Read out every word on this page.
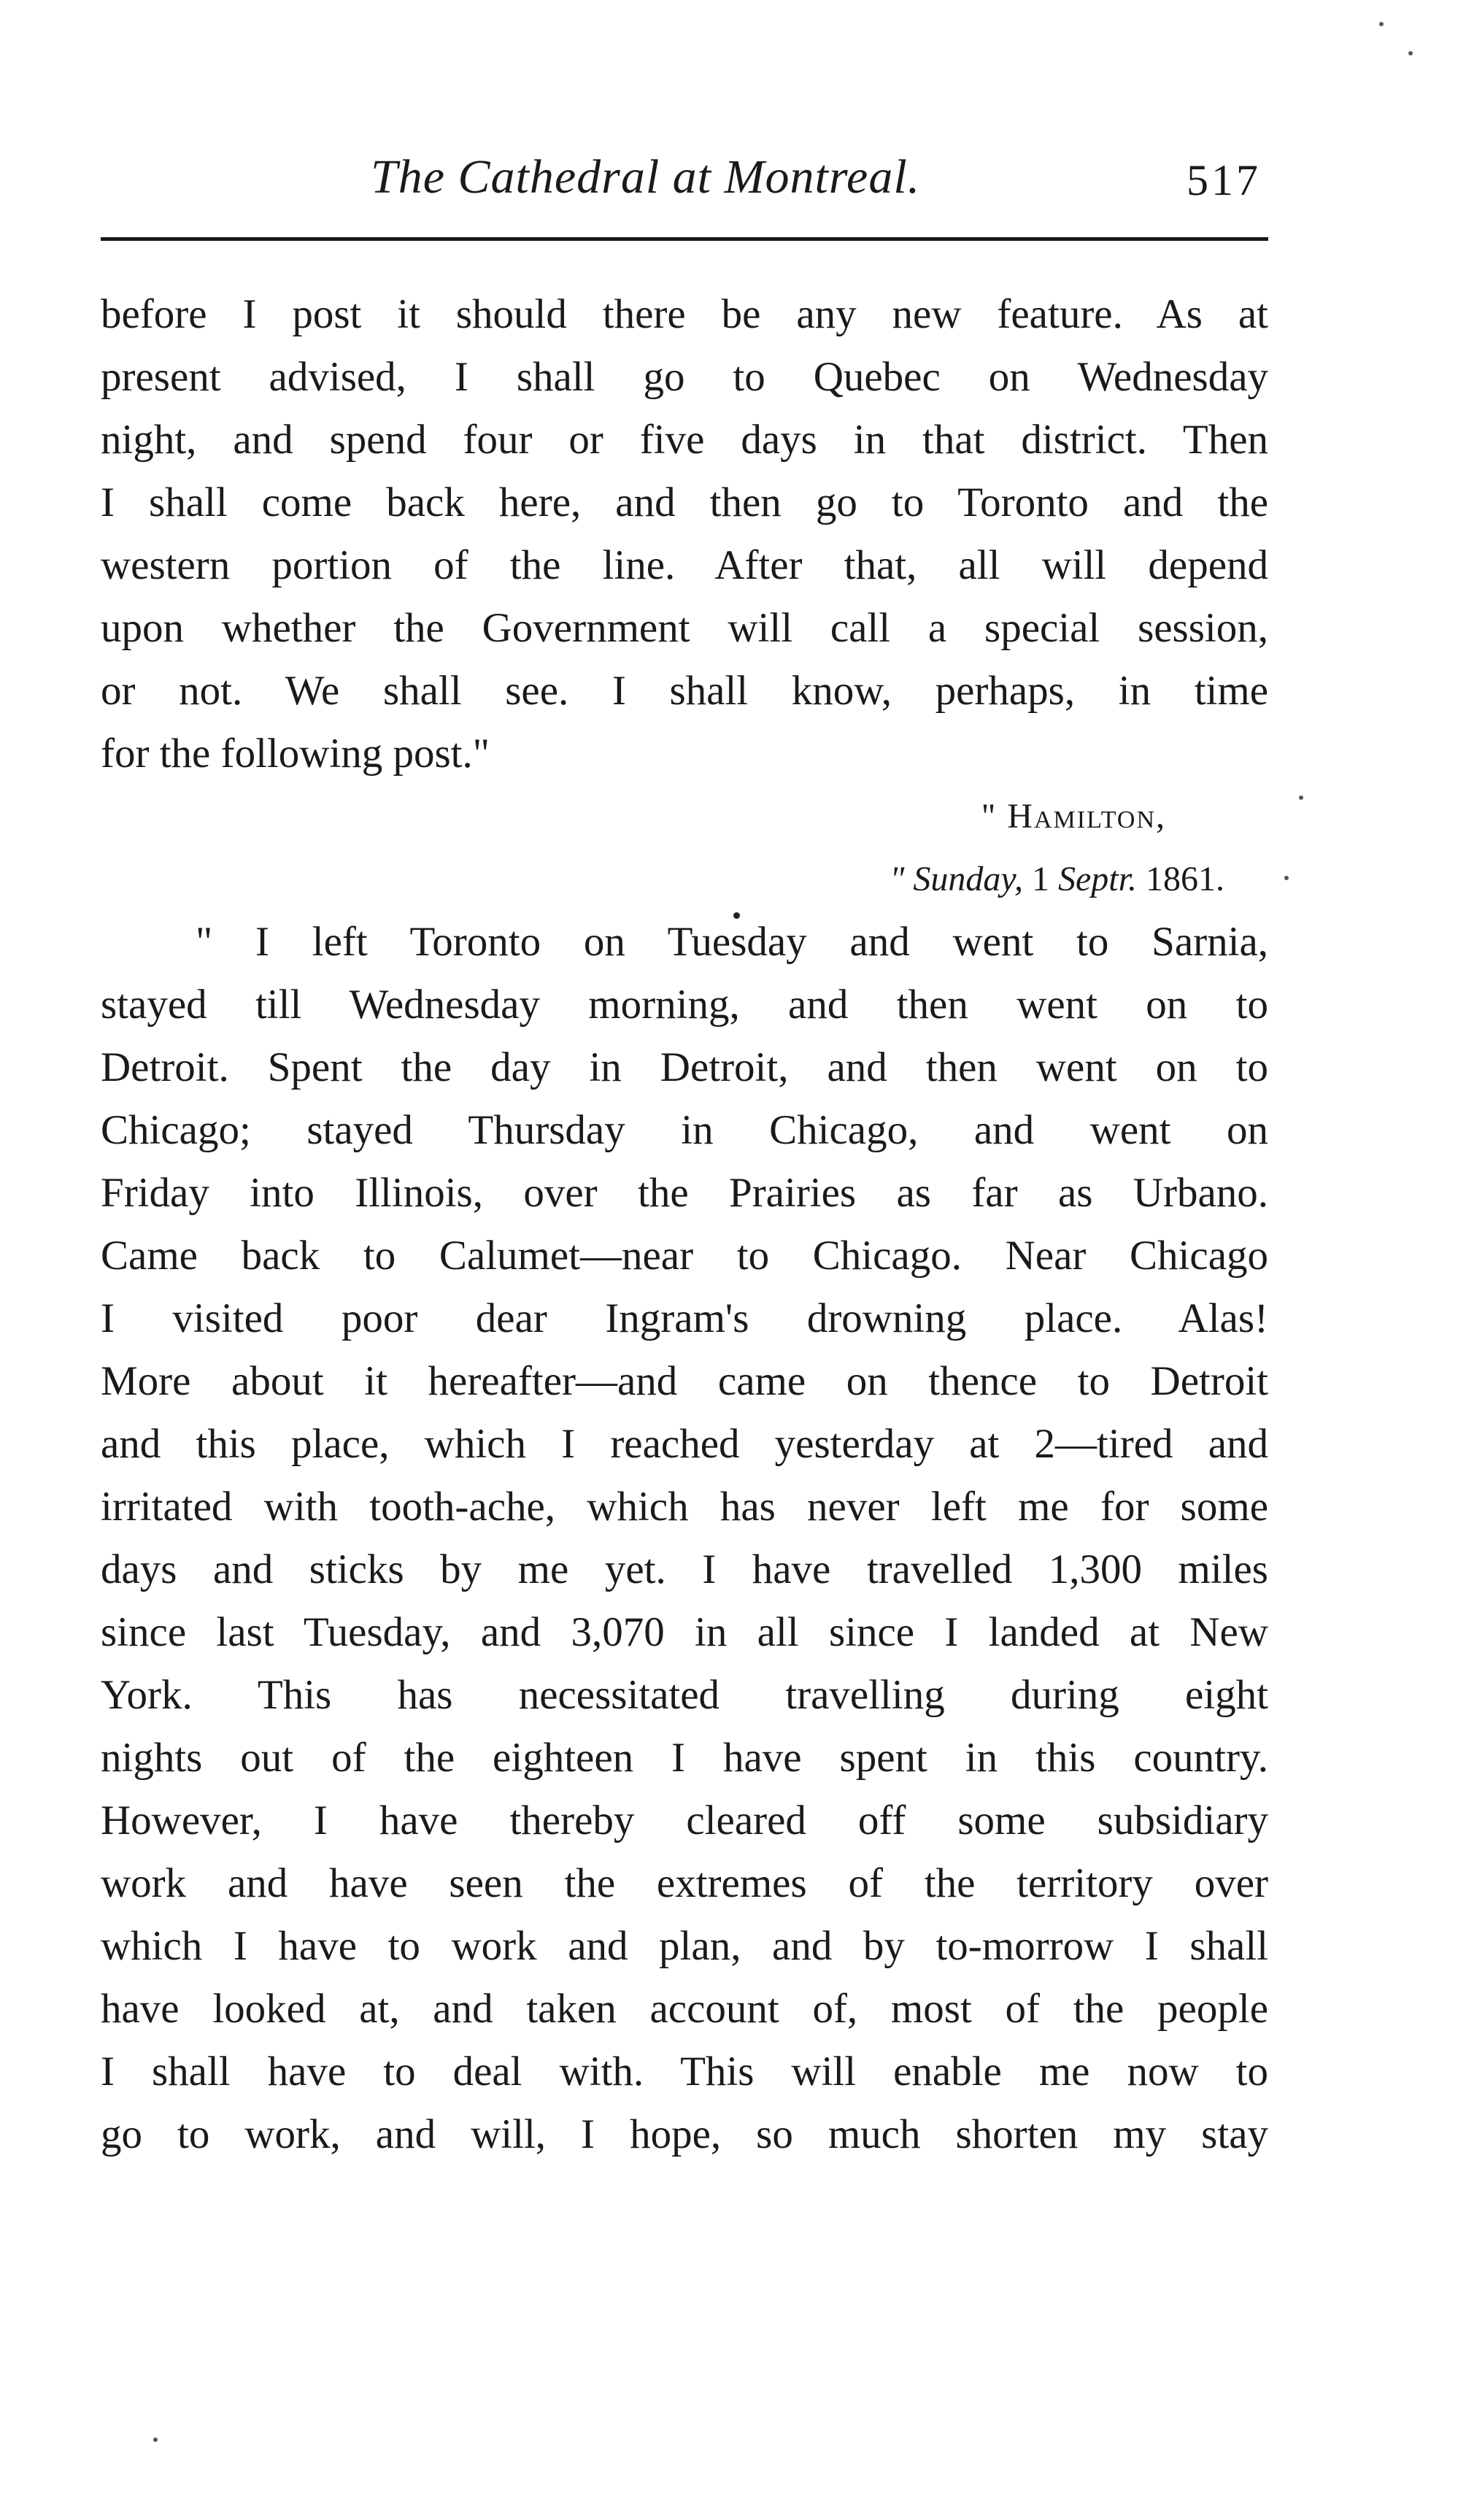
The Cathedral at Montreal.	517
before I post it should there be any new feature. As at
present advised, I shall go to Quebec on Wednesday
night, and spend four or five days in that district. Then
I shall come back here, and then go to Toronto and the
western portion of the line. After that, all will depend
upon whether the Government will call a special session,
or not. We shall see. I shall know, perhaps, in time
for the following post."
" Hamilton,
" Sunday, 1 Septr. 1861.
" I left Toronto on Tuesday and went to Sarnia,
stayed till Wednesday morning, and then went on to
Detroit. Spent the day in Detroit, and then went on to
Chicago; stayed Thursday in Chicago, and went on
Friday into Illinois, over the Prairies as far as Urbano.
Came back to Calumet—near to Chicago. Near Chicago
I visited poor dear Ingram's drowning place. Alas!
More about it hereafter—and came on thence to Detroit
and this place, which I reached yesterday at 2—tired and
irritated with tooth-ache, which has never left me for some
days and sticks by me yet. I have travelled 1,300 miles
since last Tuesday, and 3,070 in all since I landed at New
York. This has necessitated travelling during eight
nights out of the eighteen I have spent in this country.
However, I have thereby cleared off some subsidiary
work and have seen the extremes of the territory over
which I have to work and plan, and by to-morrow I shall
have looked at, and taken account of, most of the people
I shall have to deal with. This will enable me now to
go to work, and will, I hope, so much shorten my stay
